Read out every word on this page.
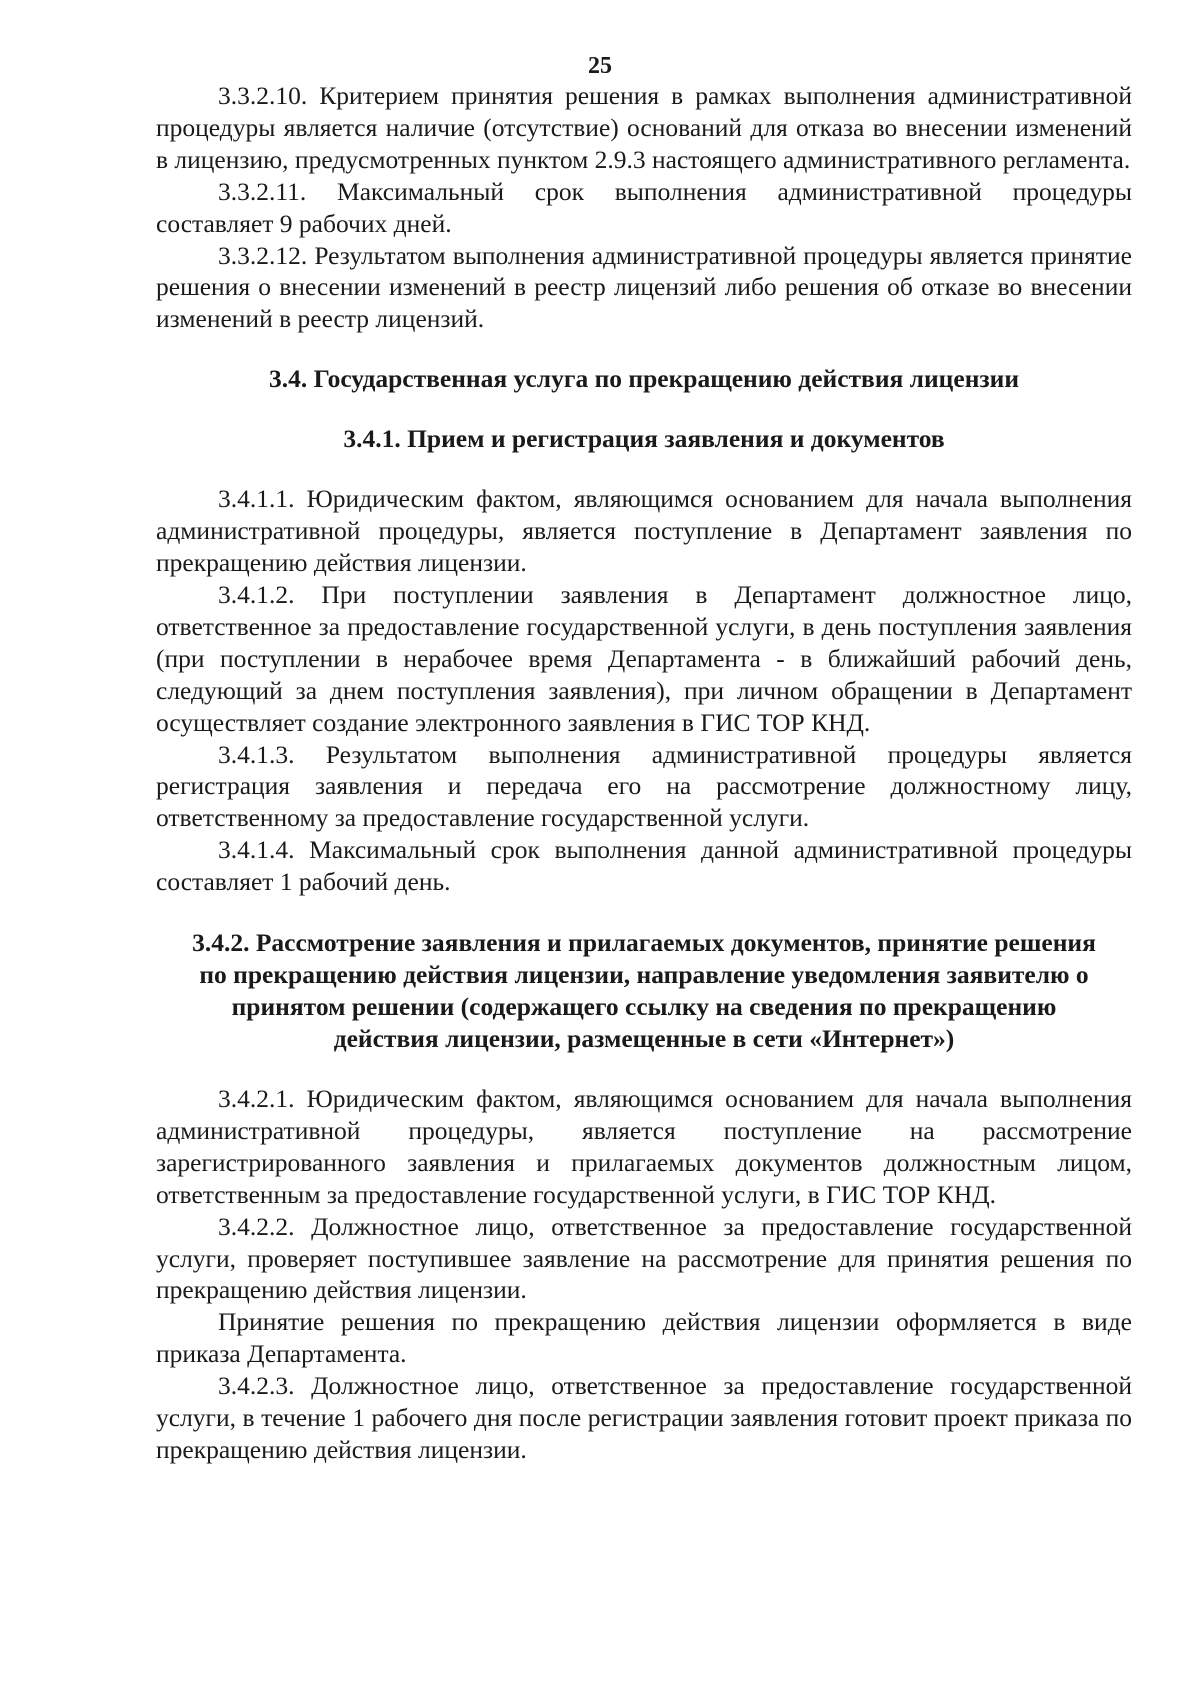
25

3.3.2.10. Критерием принятия решения в рамках выполнения административной процедуры является наличие (отсутствие) оснований для отказа во внесении изменений в лицензию, предусмотренных пунктом 2.9.3 настоящего административного регламента.

3.3.2.11. Максимальный срок выполнения административной процедуры составляет 9 рабочих дней.

3.3.2.12. Результатом выполнения административной процедуры является принятие решения о внесении изменений в реестр лицензий либо решения об отказе во внесении изменений в реестр лицензий.

3.4. Государственная услуга по прекращению действия лицензии
3.4.1. Прием и регистрация заявления и документов

3.4.1.1. Юридическим фактом, являющимся основанием для начала выполнения административной процедуры, является поступление в Департамент заявления по прекращению действия лицензии.

3.4.1.2. При поступлении заявления в Департамент должностное лицо, ответственное за предоставление государственной услуги, в день поступления заявления (при поступлении в нерабочее время Департамента - в ближайший рабочий день, следующий за днем поступления заявления), при личном обращении в Департамент осуществляет создание электронного заявления в ГИС ТОР КНД.

3.4.1.3. Результатом выполнения административной процедуры является регистрация заявления и передача его на рассмотрение должностному лицу, ответственному за предоставление государственной услуги.

3.4.1.4. Максимальный срок выполнения данной административной процедуры составляет 1 рабочий день.

3.4.2. Рассмотрение заявления и прилагаемых документов, принятие решения по прекращению действия лицензии, направление уведомления заявителю о принятом решении (содержащего ссылку на сведения по прекращению действия лицензии, размещенные в сети «Интернет»)

3.4.2.1. Юридическим фактом, являющимся основанием для начала выполнения административной процедуры, является поступление на рассмотрение зарегистрированного заявления и прилагаемых документов должностным лицом, ответственным за предоставление государственной услуги, в ГИС ТОР КНД.

3.4.2.2. Должностное лицо, ответственное за предоставление государственной услуги, проверяет поступившее заявление на рассмотрение для принятия решения по прекращению действия лицензии.

Принятие решения по прекращению действия лицензии оформляется в виде приказа Департамента.

3.4.2.3. Должностное лицо, ответственное за предоставление государственной услуги, в течение 1 рабочего дня после регистрации заявления готовит проект приказа по прекращению действия лицензии.
